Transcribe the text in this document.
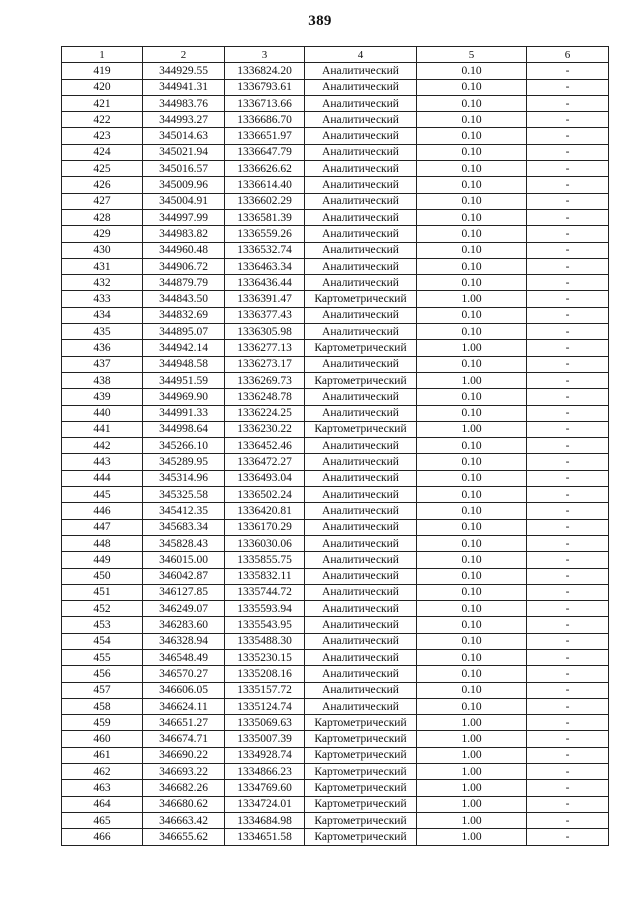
389
1	2	3	4	5	6
419	344929.55	1336824.20	Аналитический	0.10	-
420	344941.31	1336793.61	Аналитический	0.10	-
421	344983.76	1336713.66	Аналитический	0.10	-
422	344993.27	1336686.70	Аналитический	0.10	-
423	345014.63	1336651.97	Аналитический	0.10	-
424	345021.94	1336647.79	Аналитический	0.10	-
425	345016.57	1336626.62	Аналитический	0.10	-
426	345009.96	1336614.40	Аналитический	0.10	-
427	345004.91	1336602.29	Аналитический	0.10	-
428	344997.99	1336581.39	Аналитический	0.10	-
429	344983.82	1336559.26	Аналитический	0.10	-
430	344960.48	1336532.74	Аналитический	0.10	-
431	344906.72	1336463.34	Аналитический	0.10	-
432	344879.79	1336436.44	Аналитический	0.10	-
433	344843.50	1336391.47	Картометрический	1.00	-
434	344832.69	1336377.43	Аналитический	0.10	-
435	344895.07	1336305.98	Аналитический	0.10	-
436	344942.14	1336277.13	Картометрический	1.00	-
437	344948.58	1336273.17	Аналитический	0.10	-
438	344951.59	1336269.73	Картометрический	1.00	-
439	344969.90	1336248.78	Аналитический	0.10	-
440	344991.33	1336224.25	Аналитический	0.10	-
441	344998.64	1336230.22	Картометрический	1.00	-
442	345266.10	1336452.46	Аналитический	0.10	-
443	345289.95	1336472.27	Аналитический	0.10	-
444	345314.96	1336493.04	Аналитический	0.10	-
445	345325.58	1336502.24	Аналитический	0.10	-
446	345412.35	1336420.81	Аналитический	0.10	-
447	345683.34	1336170.29	Аналитический	0.10	-
448	345828.43	1336030.06	Аналитический	0.10	-
449	346015.00	1335855.75	Аналитический	0.10	-
450	346042.87	1335832.11	Аналитический	0.10	-
451	346127.85	1335744.72	Аналитический	0.10	-
452	346249.07	1335593.94	Аналитический	0.10	-
453	346283.60	1335543.95	Аналитический	0.10	-
454	346328.94	1335488.30	Аналитический	0.10	-
455	346548.49	1335230.15	Аналитический	0.10	-
456	346570.27	1335208.16	Аналитический	0.10	-
457	346606.05	1335157.72	Аналитический	0.10	-
458	346624.11	1335124.74	Аналитический	0.10	-
459	346651.27	1335069.63	Картометрический	1.00	-
460	346674.71	1335007.39	Картометрический	1.00	-
461	346690.22	1334928.74	Картометрический	1.00	-
462	346693.22	1334866.23	Картометрический	1.00	-
463	346682.26	1334769.60	Картометрический	1.00	-
464	346680.62	1334724.01	Картометрический	1.00	-
465	346663.42	1334684.98	Картометрический	1.00	-
466	346655.62	1334651.58	Картометрический	1.00	-
